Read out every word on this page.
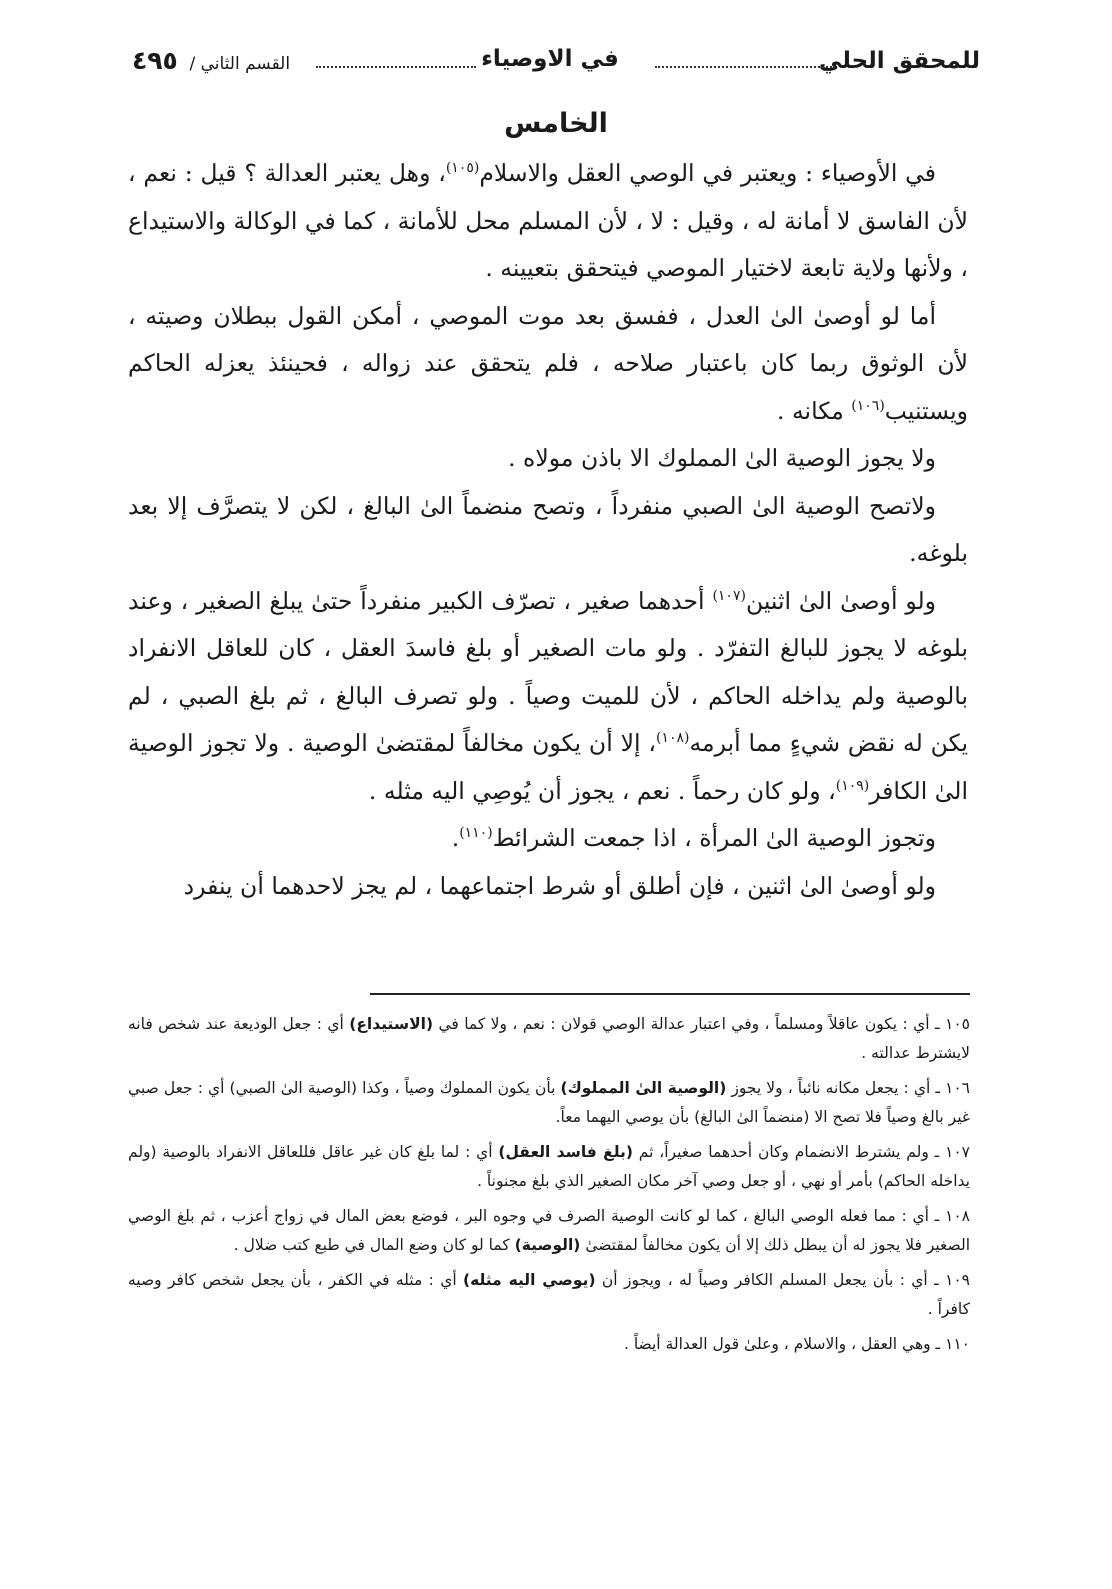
للمحقق الحلي
في الاوصياء
القسم الثاني / ٤٩٥
الخامس

في الأوصياء : ويعتبر في الوصي العقل والاسلام$^{(١٠٥)}$، وهل يعتبر العدالة ؟ قيل : نعم ، لأن الفاسق لا أمانة له ، وقيل : لا ، لأن المسلم محل للأمانة ، كما في الوكالة والاستيداع ، ولأنها ولاية تابعة لاختيار الموصي فيتحقق بتعيينه .

أما لو أوصىٰ الىٰ العدل ، ففسق بعد موت الموصي ، أمكن القول ببطلان وصيته ، لأن الوثوق ربما كان باعتبار صلاحه ، فلم يتحقق عند زواله ، فحينئذ يعزله الحاكم ويستنيب$^{(١٠٦)}$ مكانه .

ولا يجوز الوصية الىٰ المملوك الا باذن مولاه .

ولاتصح الوصية الىٰ الصبي منفرداً ، وتصح منضماً الىٰ البالغ ، لكن لا يتصرَّف إلا بعد بلوغه.

ولو أوصىٰ الىٰ اثنين$^{(١٠٧)}$ أحدهما صغير ، تصرّف الكبير منفرداً حتىٰ يبلغ الصغير ، وعند بلوغه لا يجوز للبالغ التفرّد . ولو مات الصغير أو بلغ فاسدَ العقل ، كان للعاقل الانفراد بالوصية ولم يداخله الحاكم ، لأن للميت وصياً . ولو تصرف البالغ ، ثم بلغ الصبي ، لم يكن له نقض شيءٍ مما أبرمه$^{(١٠٨)}$، إلا أن يكون مخالفاً لمقتضىٰ الوصية . ولا تجوز الوصية الىٰ الكافر$^{(١٠٩)}$، ولو كان رحماً . نعم ، يجوز أن يُوصِي اليه مثله .

وتجوز الوصية الىٰ المرأة ، اذا جمعت الشرائط$^{(١١٠)}$.

ولو أوصىٰ الىٰ اثنين ، فإن أطلق أو شرط اجتماعهما ، لم يجز لاحدهما أن ينفرد

١٠٥ ـ أي : يكون عاقلاً ومسلماً ، وفي اعتبار عدالة الوصي قولان : نعم ، ولا كما في (الاستيداع) أي : جعل الوديعة عند شخص فانه لايشترط عدالته .

١٠٦ ـ أي : يجعل مكانه نائباً ، ولا يجوز (الوصية الىٰ المملوك) بأن يكون المملوك وصياً ، وكذا (الوصية الىٰ الصبي) أي : جعل صبي غير بالغ وصياً فلا تصح الا (منضماً الىٰ البالغ) بأن يوصي اليهما معاً.

١٠٧ ـ ولم يشترط الانضمام وكان أحدهما صغيراً، ثم (بلغ فاسد العقل) أي : لما بلغ كان غير عاقل فللعاقل الانفراد بالوصية (ولم يداخله الحاكم) بأمر أو نهي ، أو جعل وصي آخر مكان الصغير الذي بلغ مجنوناً .

١٠٨ ـ أي : مما فعله الوصي البالغ ، كما لو كانت الوصية الصرف في وجوه البر ، فوضع بعض المال في زواج أعزب ، ثم بلغ الوصي الصغير فلا يجوز له أن يبطل ذلك إلا أن يكون مخالفاً لمقتضىٰ (الوصية) كما لو كان وضع المال في طبع كتب ضلال .

١٠٩ ـ أي : بأن يجعل المسلم الكافر وصياً له ، ويجوز أن (يوصي اليه مثله) أي : مثله في الكفر ، بأن يجعل شخص كافر وصيه كافراً .

١١٠ ـ وهي العقل ، والاسلام ، وعلىٰ قول العدالة أيضاً .
